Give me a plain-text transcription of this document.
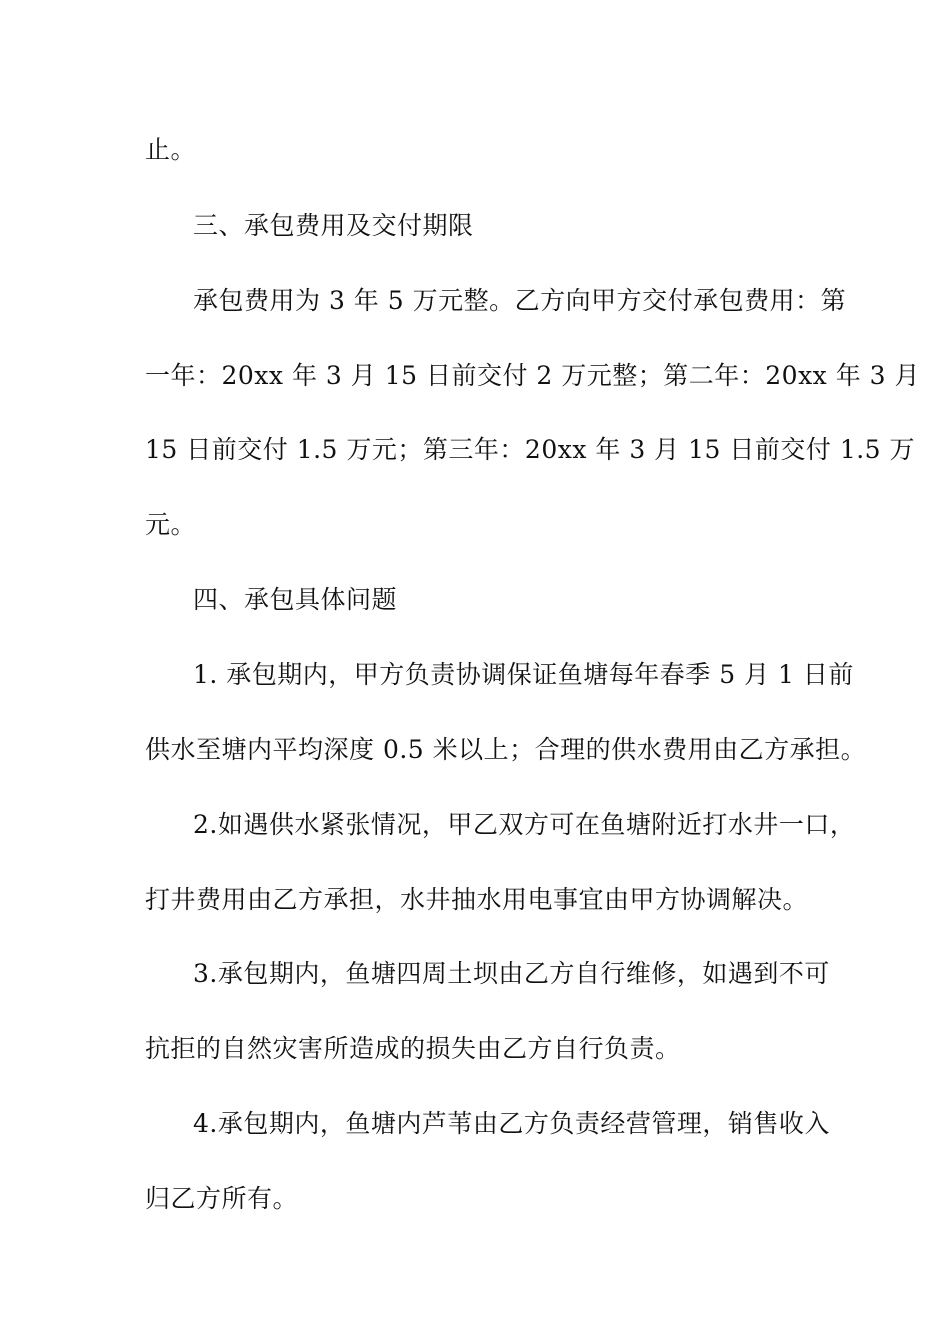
止。
三、承包费用及交付期限
承包费用为 3 年 5 万元整。乙方向甲方交付承包费用：第
一年：20xx 年 3 月 15 日前交付 2 万元整；第二年：20xx 年 3 月
15 日前交付 1.5 万元；第三年：20xx 年 3 月 15 日前交付 1.5 万
元。
四、承包具体问题
1. 承包期内，甲方负责协调保证鱼塘每年春季 5 月 1 日前
供水至塘内平均深度 0.5 米以上；合理的供水费用由乙方承担。
2.如遇供水紧张情况，甲乙双方可在鱼塘附近打水井一口，
打井费用由乙方承担，水井抽水用电事宜由甲方协调解决。
3.承包期内，鱼塘四周土坝由乙方自行维修，如遇到不可
抗拒的自然灾害所造成的损失由乙方自行负责。
4.承包期内，鱼塘内芦苇由乙方负责经营管理，销售收入
归乙方所有。
